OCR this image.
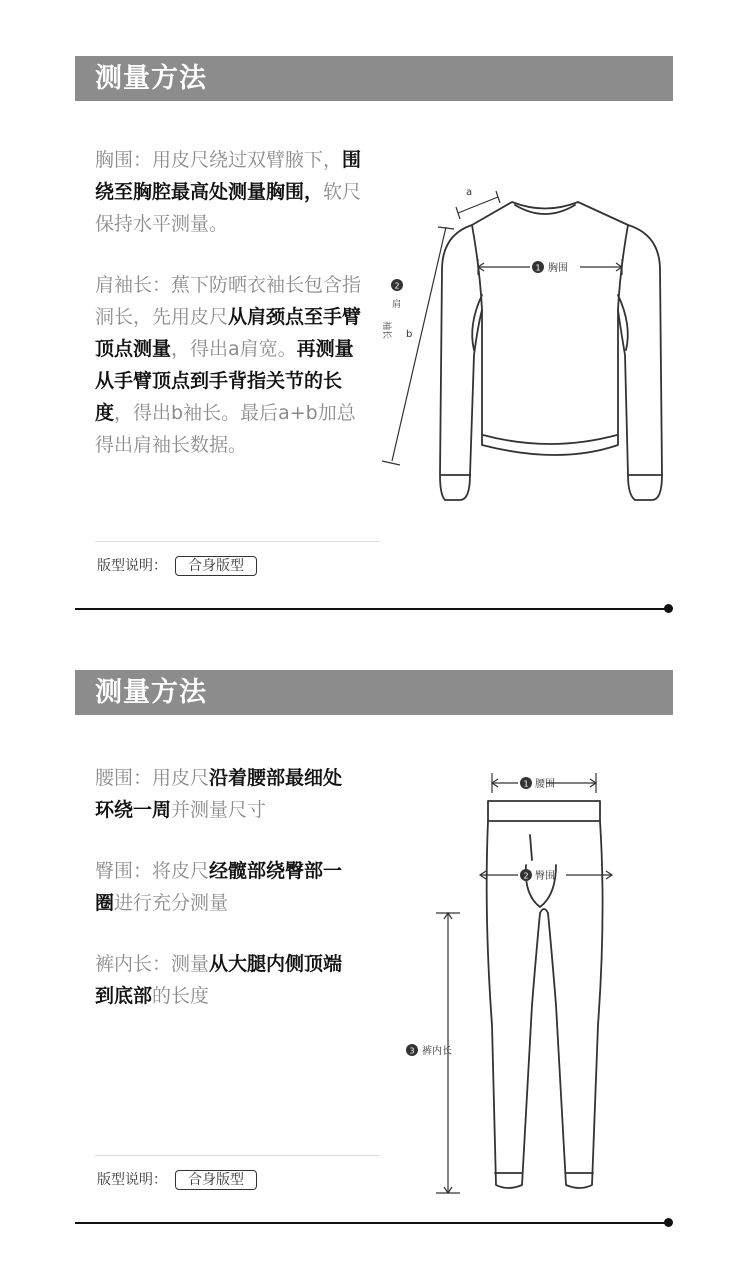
测量方法

胸围：用皮尺绕过双臂腋下，围绕至胸腔最高处测量胸围，软尺保持水平测量。

肩袖长：蕉下防晒衣袖长包含指洞长，先用皮尺从肩颈点至手臂顶点测量，得出a肩宽。再测量从手臂顶点到手背指关节的长度，得出b袖长。最后a+b加总得出肩袖长数据。

1 胸围
a
2
肩
袖长 b
版型说明： 合身版型
测量方法

腰围：用皮尺沿着腰部最细处环绕一周并测量尺寸

臀围：将皮尺经髋部绕臀部一圈进行充分测量

裤内长：测量从大腿内侧顶端到底部的长度

1 腰围
2 臀围
3 裤内长
版型说明： 合身版型
